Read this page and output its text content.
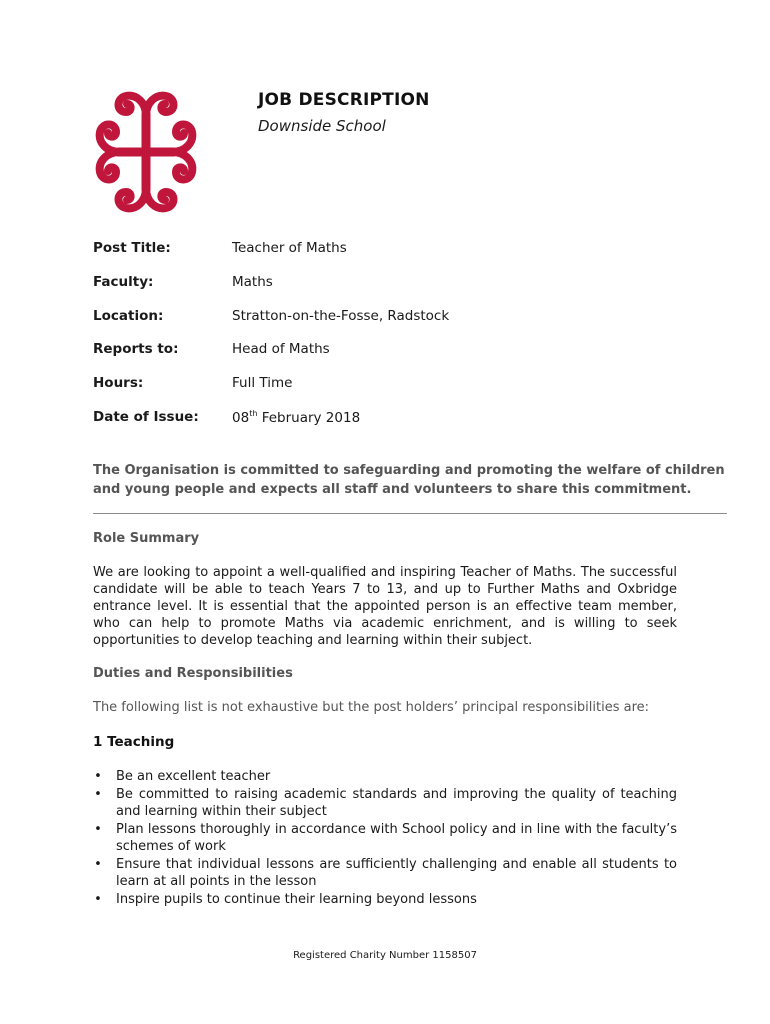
JOB DESCRIPTION
Downside School
Post Title:	Teacher of Maths
Faculty:	Maths
Location:	Stratton-on-the-Fosse, Radstock
Reports to:	Head of Maths
Hours:	Full Time
Date of Issue: 08th February 2018
The Organisation is committed to safeguarding and promoting the welfare of children and young people and expects all staff and volunteers to share this commitment.
Role Summary
We are looking to appoint a well-qualified and inspiring Teacher of Maths. The successful candidate will be able to teach Years 7 to 13, and up to Further Maths and Oxbridge entrance level. It is essential that the appointed person is an effective team member, who can help to promote Maths via academic enrichment, and is willing to seek opportunities to develop teaching and learning within their subject.
Duties and Responsibilities
The following list is not exhaustive but the post holders’ principal responsibilities are:
1 Teaching
• Be an excellent teacher
• Be committed to raising academic standards and improving the quality of teaching and learning within their subject
• Plan lessons thoroughly in accordance with School policy and in line with the faculty’s schemes of work
• Ensure that individual lessons are sufficiently challenging and enable all students to learn at all points in the lesson
• Inspire pupils to continue their learning beyond lessons
Registered Charity Number 1158507
